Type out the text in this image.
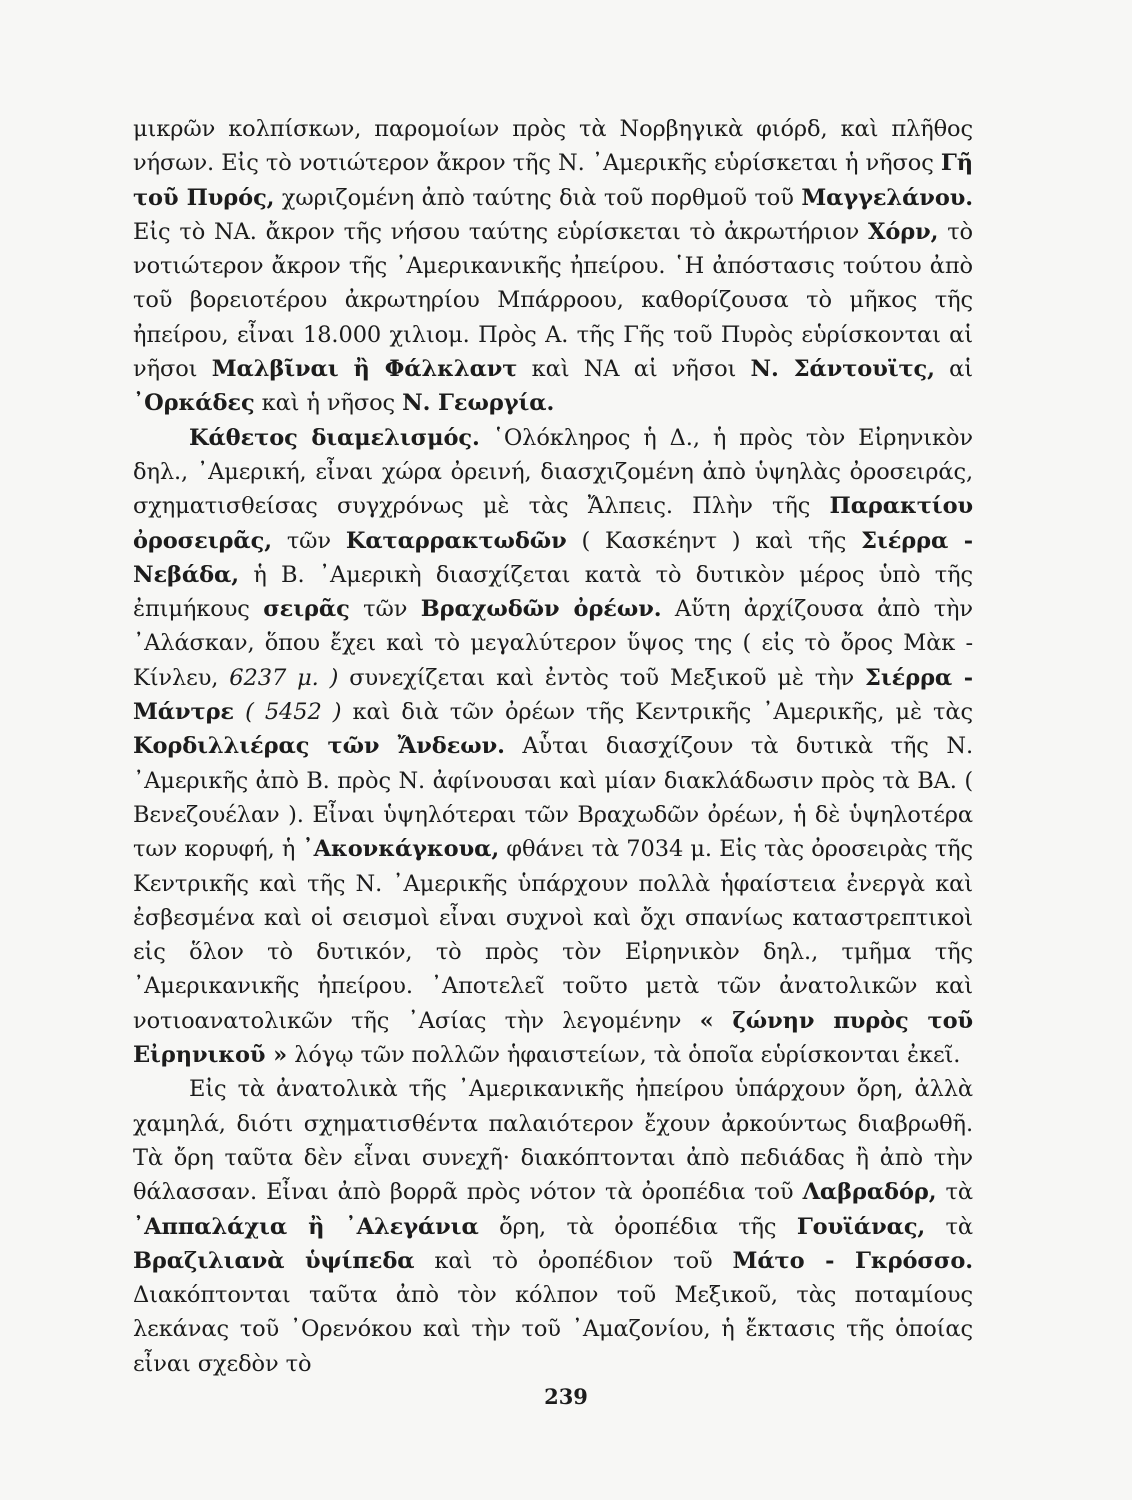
μικρῶν κολπίσκων, παρομοίων πρὸς τὰ Νορβηγικὰ φιόρδ, καὶ πλῆθος νήσων. Εἰς τὸ νοτιώτερον ἄκρον τῆς Ν. ᾿Αμερικῆς εὑρίσκεται ἡ νῆσος Γῆ τοῦ Πυρός, χωριζομένη ἀπὸ ταύτης διὰ τοῦ πορθμοῦ τοῦ Μαγγελάνου. Εἰς τὸ ΝΑ. ἄκρον τῆς νήσου ταύτης εὑρίσκεται τὸ ἀκρωτήριον Χόρν, τὸ νοτιώτερον ἄκρον τῆς ᾿Αμερικανικῆς ἠπείρου. ῾Η ἀπόστασις τούτου ἀπὸ τοῦ βορειοτέρου ἀκρωτηρίου Μπάρροου, καθορίζουσα τὸ μῆκος τῆς ἠπείρου, εἶναι 18.000 χιλιομ. Πρὸς Α. τῆς Γῆς τοῦ Πυρὸς εὑρίσκονται αἱ νῆσοι Μαλβῖναι ἢ Φάλκλαντ καὶ ΝΑ αἱ νῆσοι Ν. Σάντουϊτς, αἱ ᾿Ορκάδες καὶ ἡ νῆσος Ν. Γεωργία.

Κάθετος διαμελισμός. ῾Ολόκληρος ἡ Δ., ἡ πρὸς τὸν Εἰρηνικὸν δηλ., ᾿Αμερική, εἶναι χώρα ὀρεινή, διασχιζομένη ἀπὸ ὑψηλὰς ὀροσειράς, σχηματισθείσας συγχρόνως μὲ τὰς Ἄλπεις. Πλὴν τῆς Παρακτίου ὀροσειρᾶς, τῶν Καταρρακτωδῶν ( Κασκέηντ ) καὶ τῆς Σιέρρα - Νεβάδα, ἡ Β. ᾿Αμερικὴ διασχίζεται κατὰ τὸ δυτικὸν μέρος ὑπὸ τῆς ἐπιμήκους σειρᾶς τῶν Βραχωδῶν ὀρέων. Αὕτη ἀρχίζουσα ἀπὸ τὴν ᾿Αλάσκαν, ὅπου ἔχει καὶ τὸ μεγαλύτερον ὕψος της ( εἰς τὸ ὄρος Μὰκ - Κίνλευ, 6237 μ. ) συνεχίζεται καὶ ἐντὸς τοῦ Μεξικοῦ μὲ τὴν Σιέρρα - Μάντρε ( 5452 ) καὶ διὰ τῶν ὀρέων τῆς Κεντρικῆς ᾿Αμερικῆς, μὲ τὰς Κορδιλλιέρας τῶν Ἄνδεων. Αὗται διασχίζουν τὰ δυτικὰ τῆς Ν. ᾿Αμερικῆς ἀπὸ Β. πρὸς Ν. ἀφίνουσαι καὶ μίαν διακλάδωσιν πρὸς τὰ ΒΑ. ( Βενεζουέλαν ). Εἶναι ὑψηλότεραι τῶν Βραχωδῶν ὀρέων, ἡ δὲ ὑψηλοτέρα των κορυφή, ἡ ᾿Ακονκάγκουα, φθάνει τὰ 7034 μ. Εἰς τὰς ὀροσειρὰς τῆς Κεντρικῆς καὶ τῆς Ν. ᾿Αμερικῆς ὑπάρχουν πολλὰ ἡφαίστεια ἐνεργὰ καὶ ἐσβεσμένα καὶ οἱ σεισμοὶ εἶναι συχνοὶ καὶ ὄχι σπανίως καταστρεπτικοὶ εἰς ὅλον τὸ δυτικόν, τὸ πρὸς τὸν Εἰρηνικὸν δηλ., τμῆμα τῆς ᾿Αμερικανικῆς ἠπείρου. ᾿Αποτελεῖ τοῦτο μετὰ τῶν ἀνατολικῶν καὶ νοτιοανατολικῶν τῆς ᾿Ασίας τὴν λεγομένην « ζώνην πυρὸς τοῦ Εἰρηνικοῦ » λόγῳ τῶν πολλῶν ἡφαιστείων, τὰ ὁποῖα εὑρίσκονται ἐκεῖ.

Εἰς τὰ ἀνατολικὰ τῆς ᾿Αμερικανικῆς ἠπείρου ὑπάρχουν ὄρη, ἀλλὰ χαμηλά, διότι σχηματισθέντα παλαιότερον ἔχουν ἀρκούντως διαβρωθῆ. Τὰ ὄρη ταῦτα δὲν εἶναι συνεχῆ· διακόπτονται ἀπὸ πεδιάδας ἢ ἀπὸ τὴν θάλασσαν. Εἶναι ἀπὸ βορρᾶ πρὸς νότον τὰ ὀροπέδια τοῦ Λαβραδόρ, τὰ ᾿Αππαλάχια ἢ ᾿Αλεγάνια ὄρη, τὰ ὀροπέδια τῆς Γουϊάνας, τὰ Βραζιλιανὰ ὑψίπεδα καὶ τὸ ὀροπέδιον τοῦ Μάτο - Γκρόσσο. Διακόπτονται ταῦτα ἀπὸ τὸν κόλπον τοῦ Μεξικοῦ, τὰς ποταμίους λεκάνας τοῦ ᾿Ορενόκου καὶ τὴν τοῦ ᾿Αμαζονίου, ἡ ἔκτασις τῆς ὁποίας εἶναι σχεδὸν τὸ

239
